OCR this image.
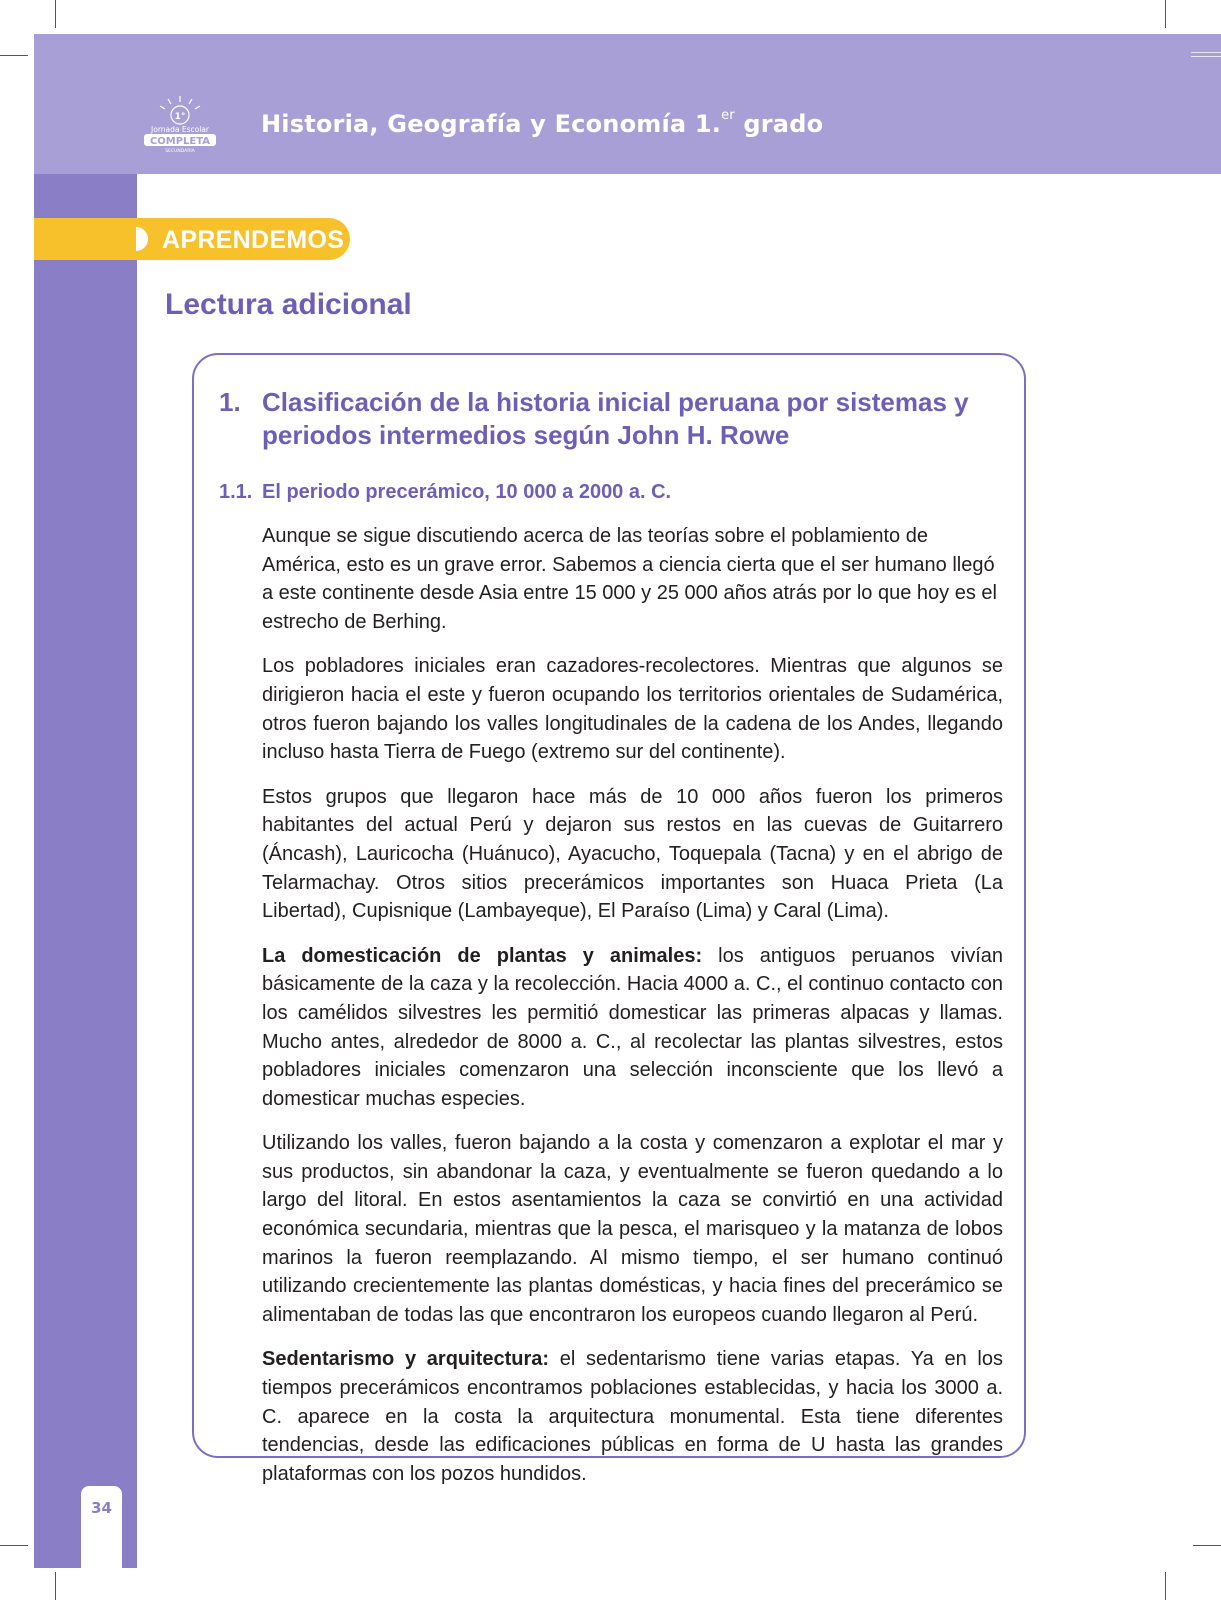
1°
Jornada Escolar
COMPLETA
SECUNDARIA
Historia, Geografía y Economía 1.$^{er}$ grado
34
APRENDEMOS
Lectura adicional
1. Clasificación de la historia inicial peruana por sistemas y periodos intermedios según John H. Rowe
1.1. El periodo precerámico, 10 000 a 2000 a. C.

Aunque se sigue discutiendo acerca de las teorías sobre el poblamiento de América, esto es un grave error. Sabemos a ciencia cierta que el ser humano llegó a este continente desde Asia entre 15 000 y 25 000 años atrás por lo que hoy es el estrecho de Berhing.

Los pobladores iniciales eran cazadores-recolectores. Mientras que algunos se dirigieron hacia el este y fueron ocupando los territorios orientales de Sudamérica, otros fueron bajando los valles longitudinales de la cadena de los Andes, llegando incluso hasta Tierra de Fuego (extremo sur del continente).

Estos grupos que llegaron hace más de 10 000 años fueron los primeros habitantes del actual Perú y dejaron sus restos en las cuevas de Guitarrero (Áncash), Lauricocha (Huánuco), Ayacucho, Toquepala (Tacna) y en el abrigo de Telarmachay. Otros sitios precerámicos importantes son Huaca Prieta (La Libertad), Cupisnique (Lambayeque), El Paraíso (Lima) y Caral (Lima).

La domesticación de plantas y animales: los antiguos peruanos vivían básicamente de la caza y la recolección. Hacia 4000 a. C., el continuo contacto con los camélidos silvestres les permitió domesticar las primeras alpacas y llamas. Mucho antes, alrededor de 8000 a. C., al recolectar las plantas silvestres, estos pobladores iniciales comenzaron una selección inconsciente que los llevó a domesticar muchas especies.

Utilizando los valles, fueron bajando a la costa y comenzaron a explotar el mar y sus productos, sin abandonar la caza, y eventualmente se fueron quedando a lo largo del litoral. En estos asentamientos la caza se convirtió en una actividad económica secundaria, mientras que la pesca, el marisqueo y la matanza de lobos marinos la fueron reemplazando. Al mismo tiempo, el ser humano continuó utilizando crecientemente las plantas domésticas, y hacia fines del precerámico se alimentaban de todas las que encontraron los europeos cuando llegaron al Perú.

Sedentarismo y arquitectura: el sedentarismo tiene varias etapas. Ya en los tiempos precerámicos encontramos poblaciones establecidas, y hacia los 3000 a. C. aparece en la costa la arquitectura monumental. Esta tiene diferentes tendencias, desde las edificaciones públicas en forma de U hasta las grandes plataformas con los pozos hundidos.
